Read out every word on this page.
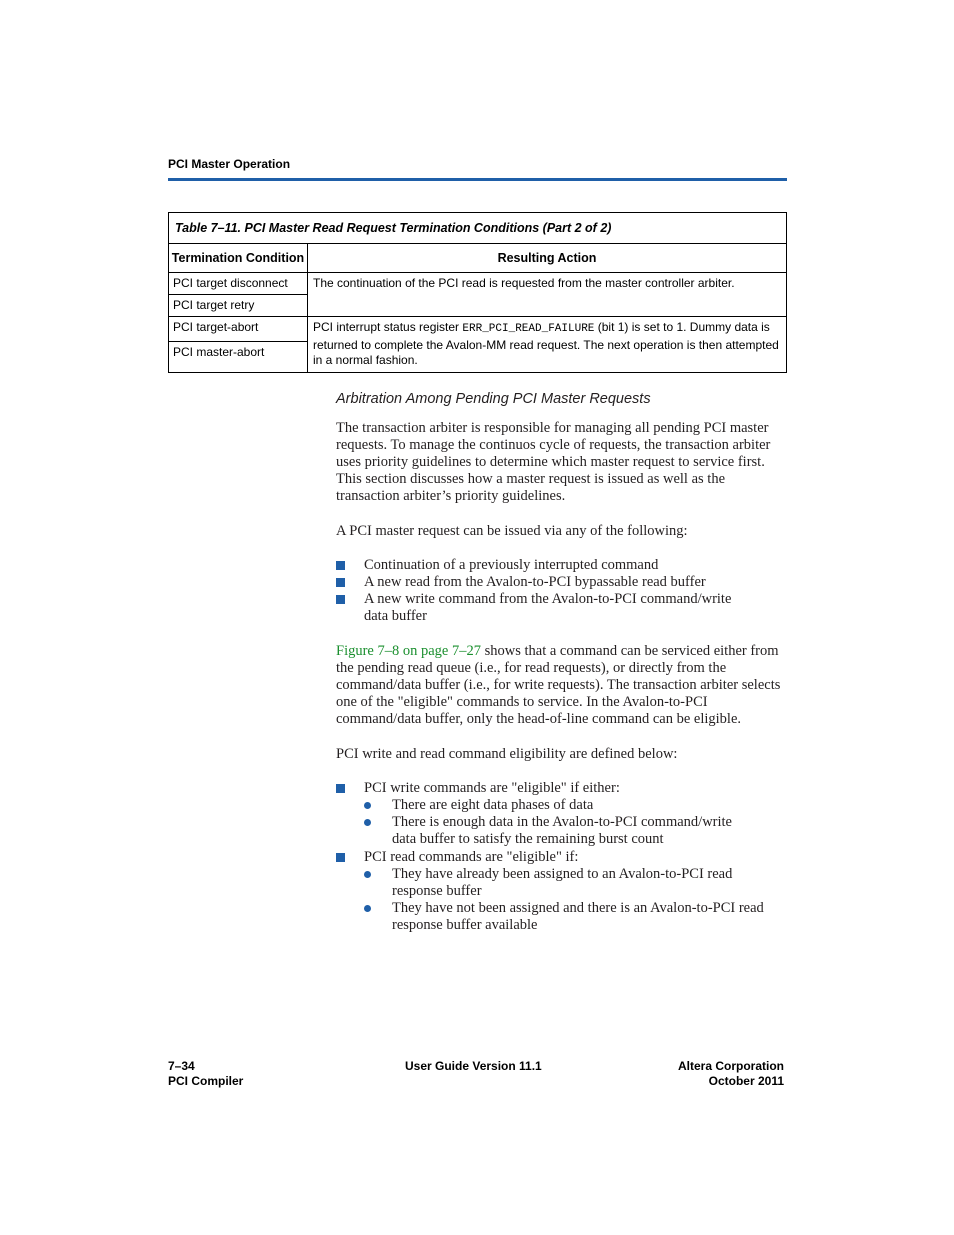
PCI Master Operation
Table 7–11. PCI Master Read Request Termination Conditions (Part 2 of 2)	
Termination Condition	Resulting Action
PCI target disconnect	The continuation of the PCI read is requested from the master controller arbiter.
PCI target retry	
PCI target-abort	PCI interrupt status register ERR_PCI_READ_FAILURE (bit 1) is set to 1. Dummy data is returned to complete the Avalon-MM read request. The next operation is then attempted in a normal fashion.
PCI master-abort	
Arbitration Among Pending PCI Master Requests

The transaction arbiter is responsible for managing all pending PCI master requests. To manage the continuos cycle of requests, the transaction arbiter uses priority guidelines to determine which master request to service first. This section discusses how a master request is issued as well as the transaction arbiter’s priority guidelines.

A PCI master request can be issued via any of the following:

Continuation of a previously interrupted command
A new read from the Avalon-to-PCI bypassable read buffer
A new write command from the Avalon-to-PCI command/write
data buffer

Figure 7–8 on page 7–27 shows that a command can be serviced either from the pending read queue (i.e., for read requests), or directly from the command/data buffer (i.e., for write requests). The transaction arbiter selects one of the "eligible" commands to service. In the Avalon-to-PCI command/data buffer, only the head-of-line command can be eligible.

PCI write and read command eligibility are defined below:

PCI write commands are "eligible" if either:
There are eight data phases of data
There is enough data in the Avalon-to-PCI command/write
data buffer to satisfy the remaining burst count
PCI read commands are "eligible" if:
They have already been assigned to an Avalon-to-PCI read
response buffer
They have not been assigned and there is an Avalon-to-PCI read
response buffer available
7–34
PCI Compiler
User Guide Version 11.1	Altera Corporation
October 2011
